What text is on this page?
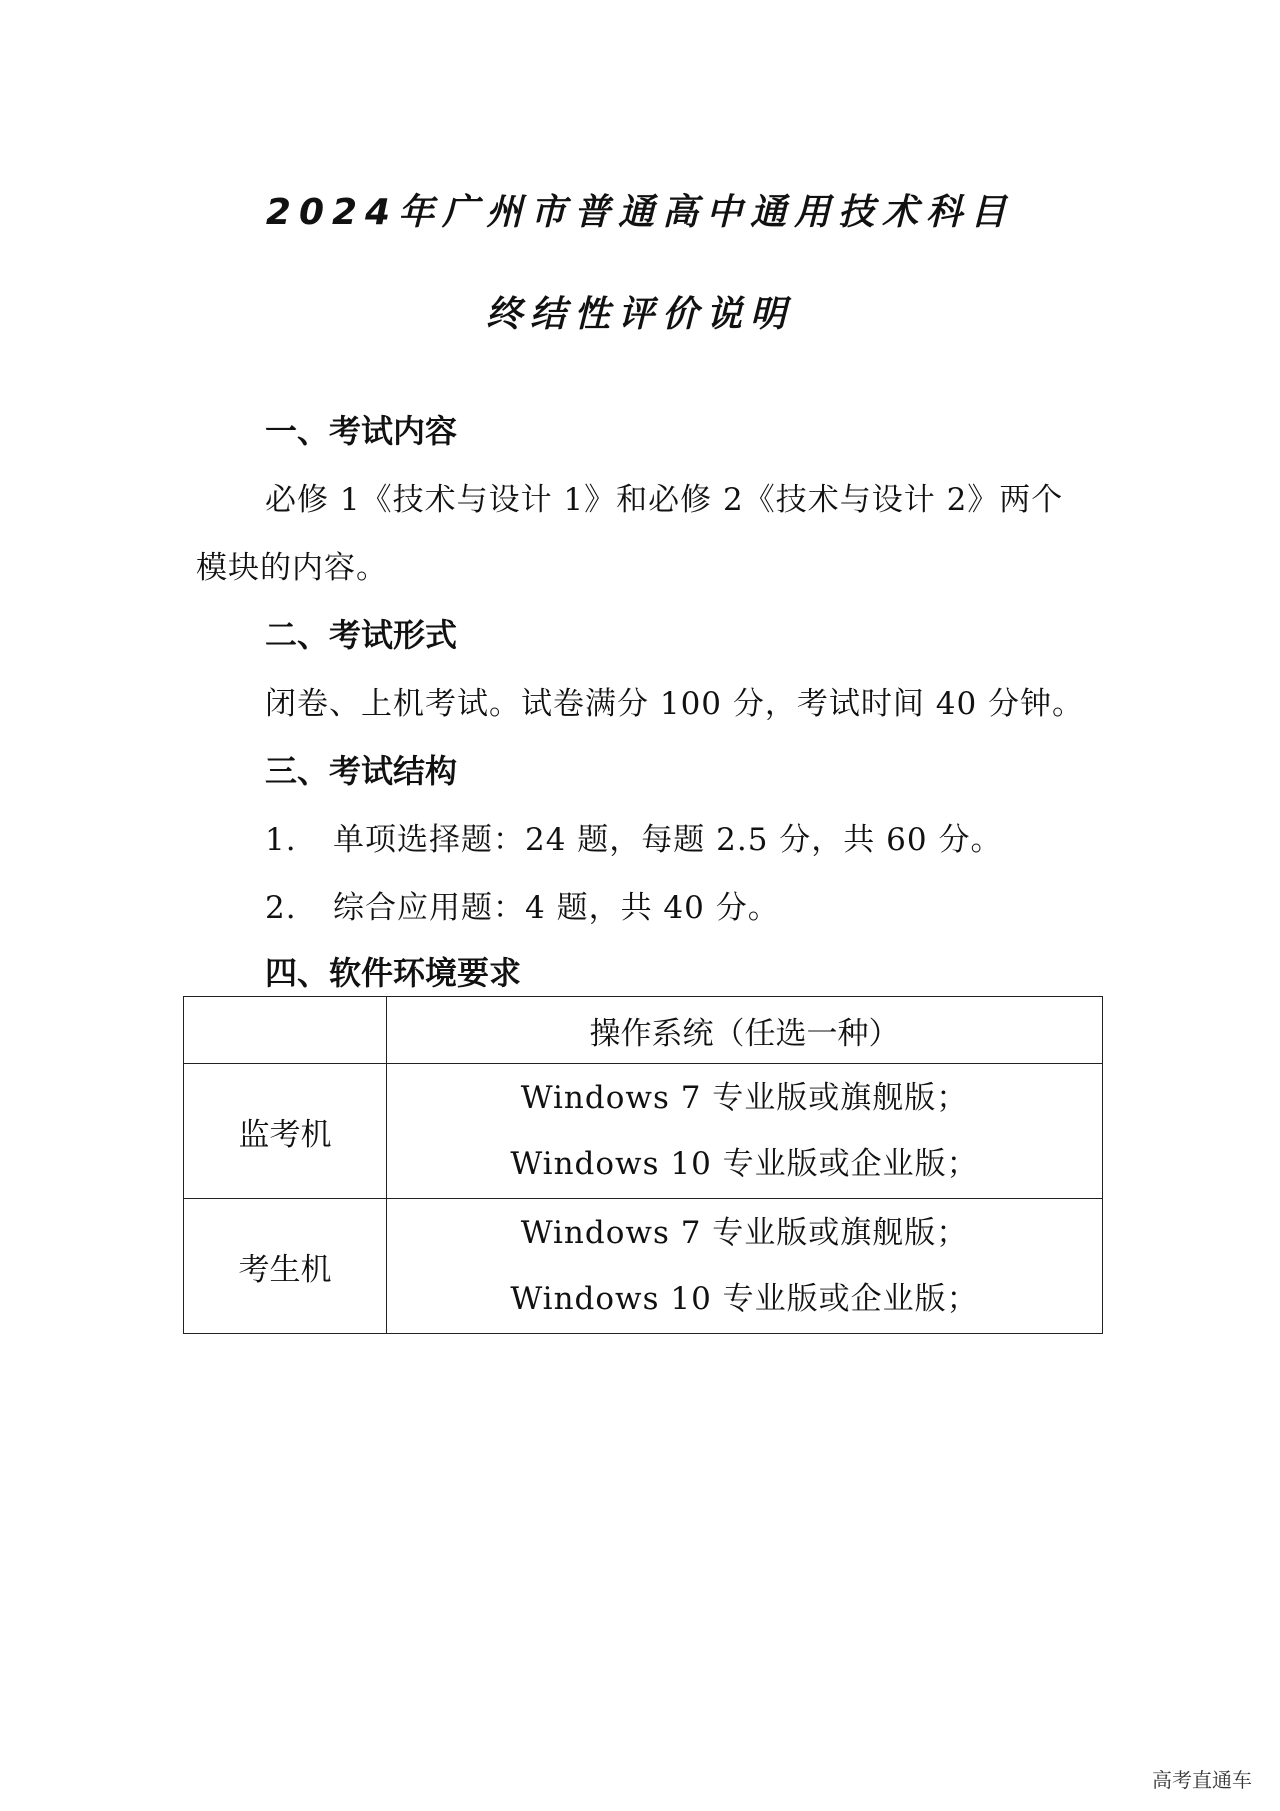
2024年广州市普通高中通用技术科目
终结性评价说明
一、考试内容
必修 1《技术与设计 1》和必修 2《技术与设计 2》两个
模块的内容。
二、考试形式
闭卷、上机考试。试卷满分 100 分，考试时间 40 分钟。
三、考试结构
1. 单项选择题：24 题，每题 2.5 分，共 60 分。
2. 综合应用题：4 题，共 40 分。
四、软件环境要求
	操作系统（任选一种）
监考机	Windows 7 专业版或旗舰版；
Windows 10 专业版或企业版；

考生机	Windows 7 专业版或旗舰版；
Windows 10 专业版或企业版；
高考直通车
